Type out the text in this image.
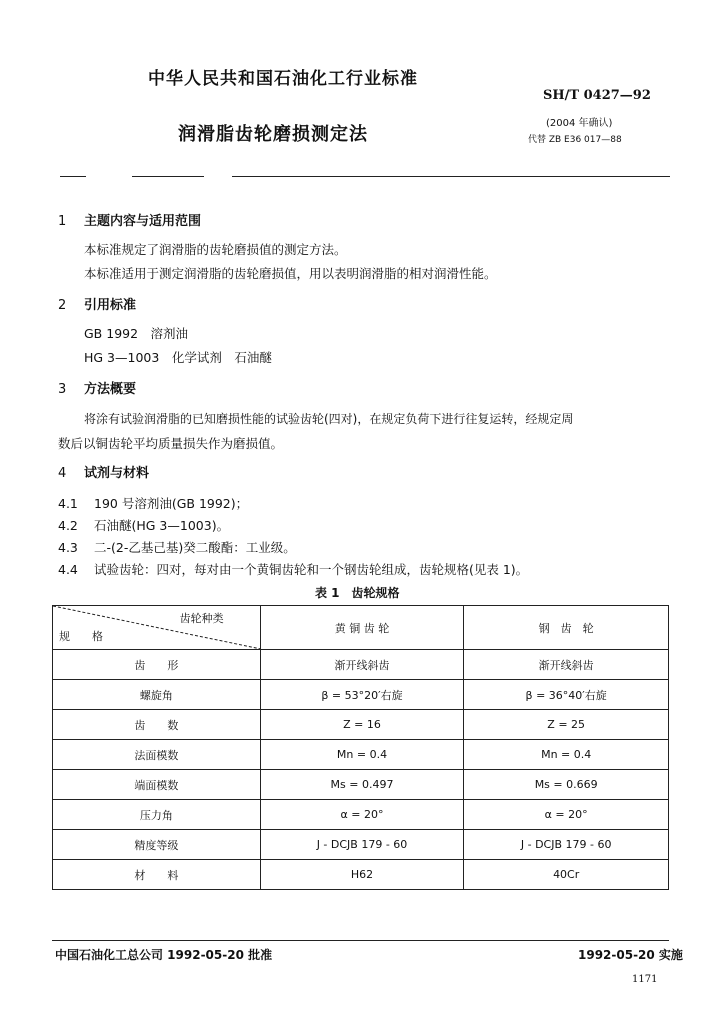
中华人民共和国石油化工行业标准
SH/T 0427—92
润滑脂齿轮磨损测定法
(2004 年确认)
代替 ZB E36 017—88
1 主题内容与适用范围
本标准规定了润滑脂的齿轮磨损值的测定方法。
本标准适用于测定润滑脂的齿轮磨损值，用以表明润滑脂的相对润滑性能。
2 引用标准
GB 1992　溶剂油
HG 3—1003　化学试剂　石油醚
3 方法概要
将涂有试验润滑脂的已知磨损性能的试验齿轮(四对)，在规定负荷下进行往复运转，经规定周
数后以铜齿轮平均质量损失作为磨损值。
4 试剂与材料
4.1 190 号溶剂油(GB 1992)；
4.2 石油醚(HG 3—1003)。
4.3 二-(2-乙基己基)癸二酸酯：工业级。
4.4 试验齿轮：四对，每对由一个黄铜齿轮和一个钢齿轮组成，齿轮规格(见表 1)。
表 1　齿轮规格
齿轮种类
规　　格	黄 铜 齿 轮	钢　齿　轮
齿　　形	渐开线斜齿	渐开线斜齿
螺旋角	β = 53°20′右旋	β = 36°40′右旋
齿　　数	Z = 16	Z = 25
法面模数	Mn = 0.4	Mn = 0.4
端面模数	Ms = 0.497	Ms = 0.669
压力角	α = 20°	α = 20°
精度等级	J - DCJB 179 - 60	J - DCJB 179 - 60
材　　料	H62	40Cr
中国石油化工总公司 1992-05-20 批准	1992-05-20 实施
1171
